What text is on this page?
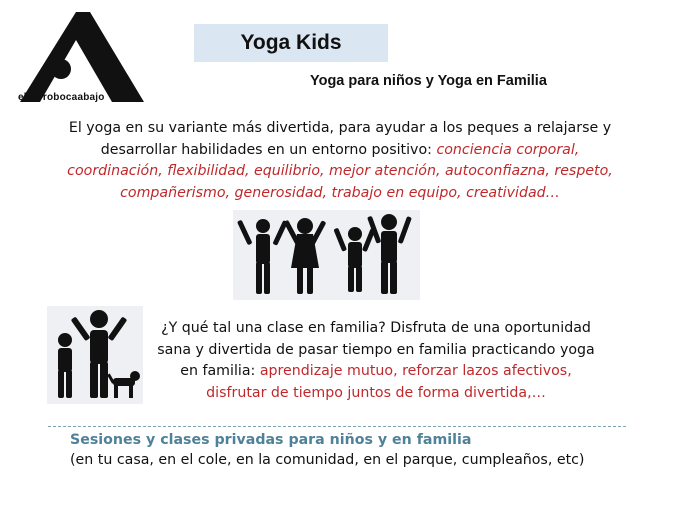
elperrobocaabajo
Yoga Kids
Yoga para niños y Yoga en Familia
El yoga en su variante más divertida, para ayudar a los peques a relajarse y desarrollar habilidades en un entorno positivo: conciencia corporal, coordinación, flexibilidad, equilibrio, mejor atención, autoconfiazna, respeto, compañerismo, generosidad, trabajo en equipo, creatividad…
¿Y qué tal una clase en familia? Disfruta de una oportunidad sana y divertida de pasar tiempo en familia practicando yoga en familia: aprendizaje mutuo, reforzar lazos afectivos, disfrutar de tiempo juntos de forma divertida,…
Sesiones y clases privadas para niños y en familia
(en tu casa, en el cole, en la comunidad, en el parque, cumpleaños, etc)
